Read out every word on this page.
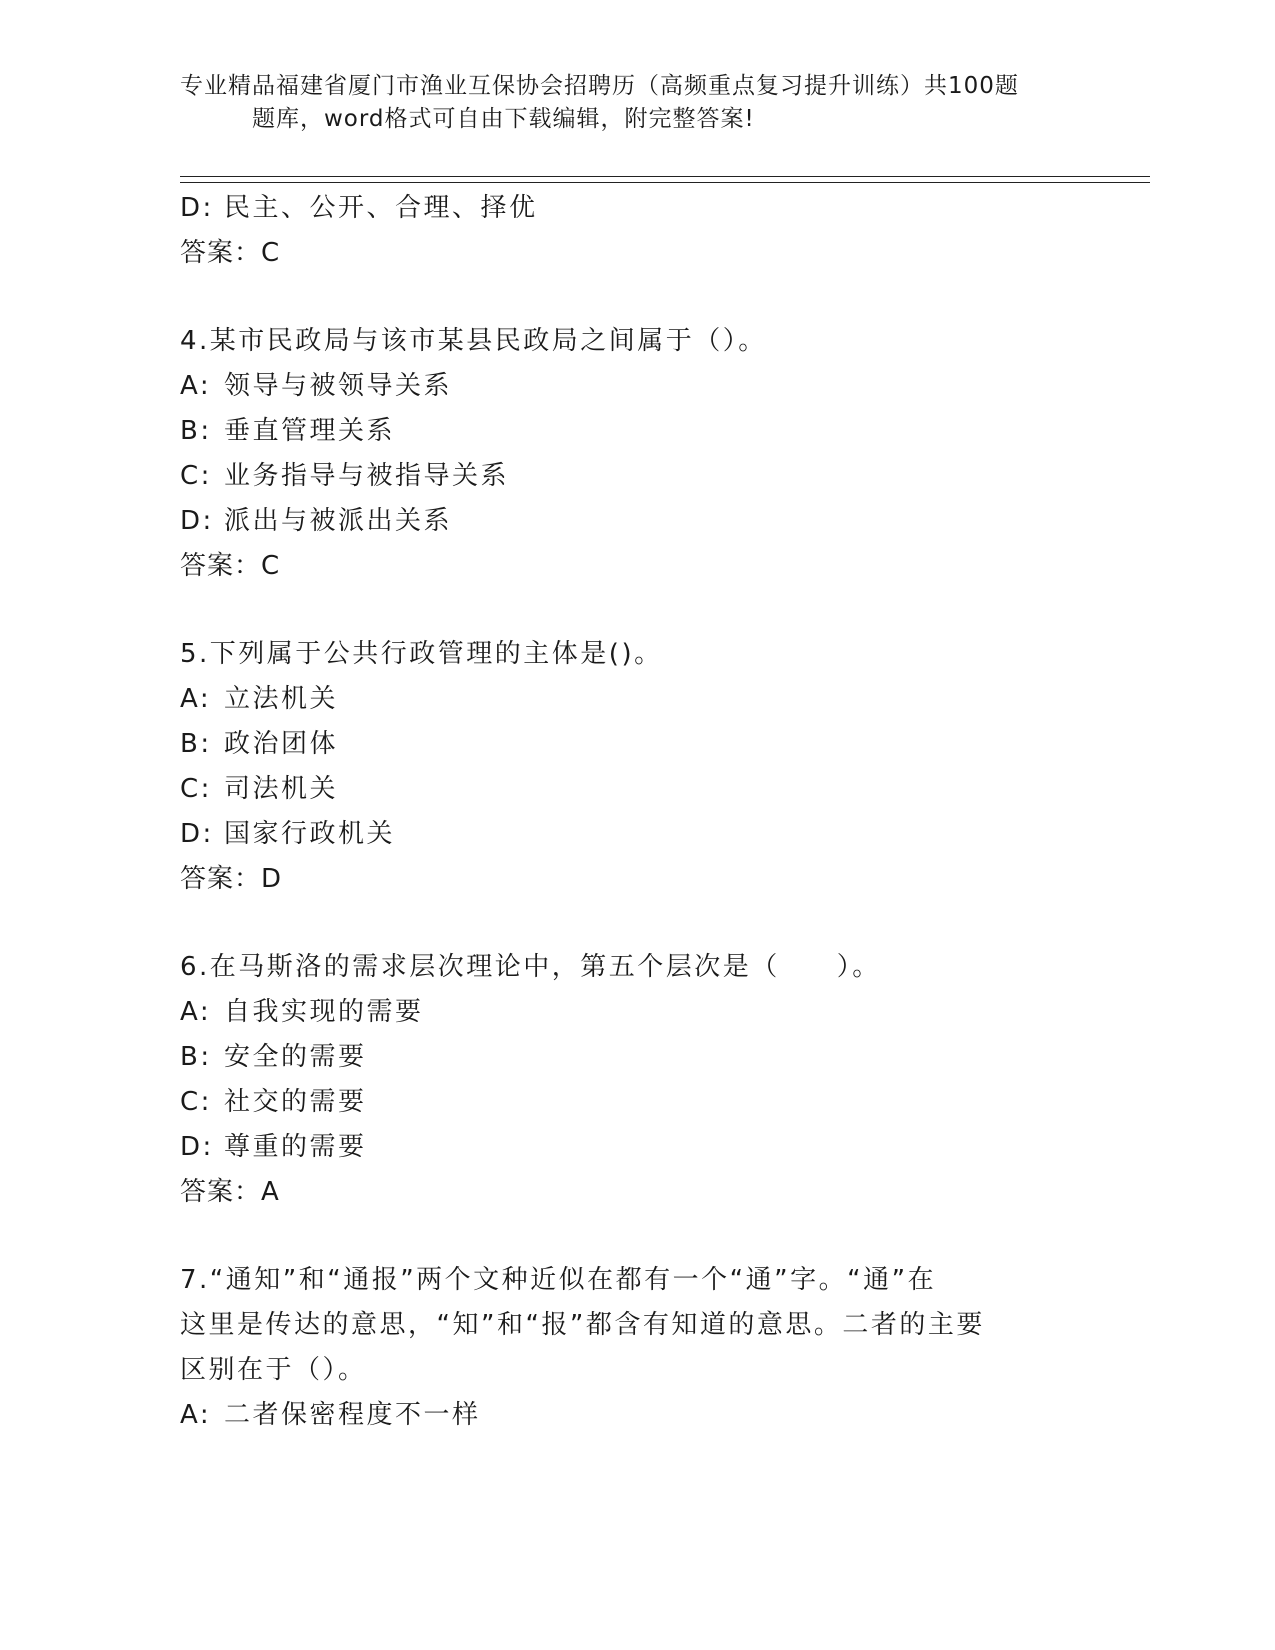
专业精品福建省厦门市渔业互保协会招聘历（高频重点复习提升训练）共100题
题库，word格式可自由下载编辑，附完整答案!
D: 民主、公开、合理、择优
答案：C
4.某市民政局与该市某县民政局之间属于（）。
A: 领导与被领导关系
B: 垂直管理关系
C: 业务指导与被指导关系
D: 派出与被派出关系
答案：C
5.下列属于公共行政管理的主体是()。
A: 立法机关
B: 政治团体
C: 司法机关
D: 国家行政机关
答案：D
6.在马斯洛的需求层次理论中，第五个层次是（　　）。
A: 自我实现的需要
B: 安全的需要
C: 社交的需要
D: 尊重的需要
答案：A
7.“通知”和“通报”两个文种近似在都有一个“通”字。“通”在
这里是传达的意思，“知”和“报”都含有知道的意思。二者的主要
区别在于（）。
A: 二者保密程度不一样
